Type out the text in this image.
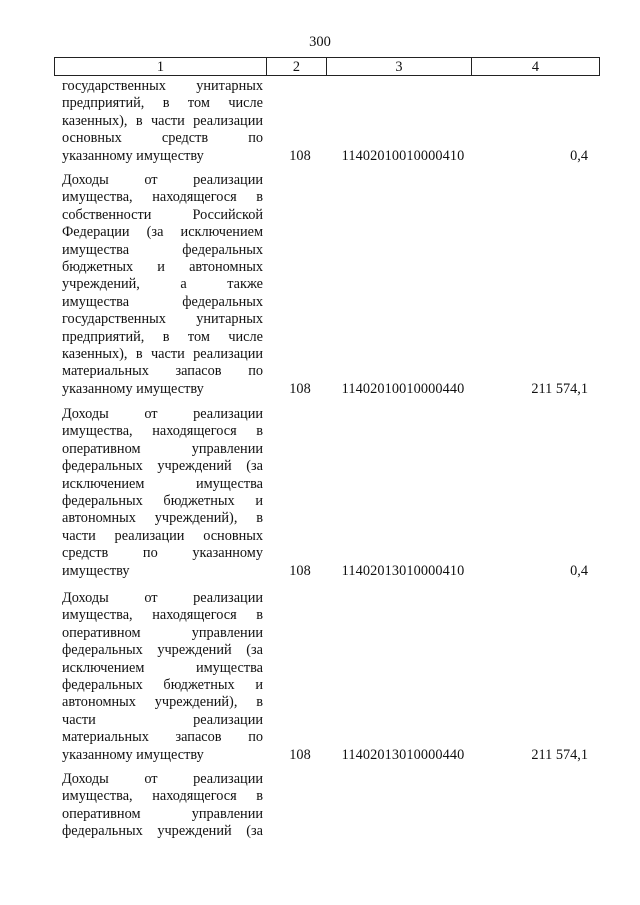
300
1	2	3	4
государственных унитарных
предприятий, в том числе
казенных), в части реализации
основных средств по
указанному имуществу	108	11402010010000410	0,4
Доходы от реализации
имущества, находящегося в
собственности Российской
Федерации (за исключением
имущества федеральных
бюджетных и автономных
учреждений, а также
имущества федеральных
государственных унитарных
предприятий, в том числе
казенных), в части реализации
материальных запасов по
указанному имуществу	108	11402010010000440	211 574,1
Доходы от реализации
имущества, находящегося в
оперативном управлении
федеральных учреждений (за
исключением имущества
федеральных бюджетных и
автономных учреждений), в
части реализации основных
средств по указанному
имуществу	108	11402013010000410	0,4
Доходы от реализации
имущества, находящегося в
оперативном управлении
федеральных учреждений (за
исключением имущества
федеральных бюджетных и
автономных учреждений), в
части реализации
материальных запасов по
указанному имуществу	108	11402013010000440	211 574,1
Доходы от реализации
имущества, находящегося в
оперативном управлении
федеральных учреждений (за
